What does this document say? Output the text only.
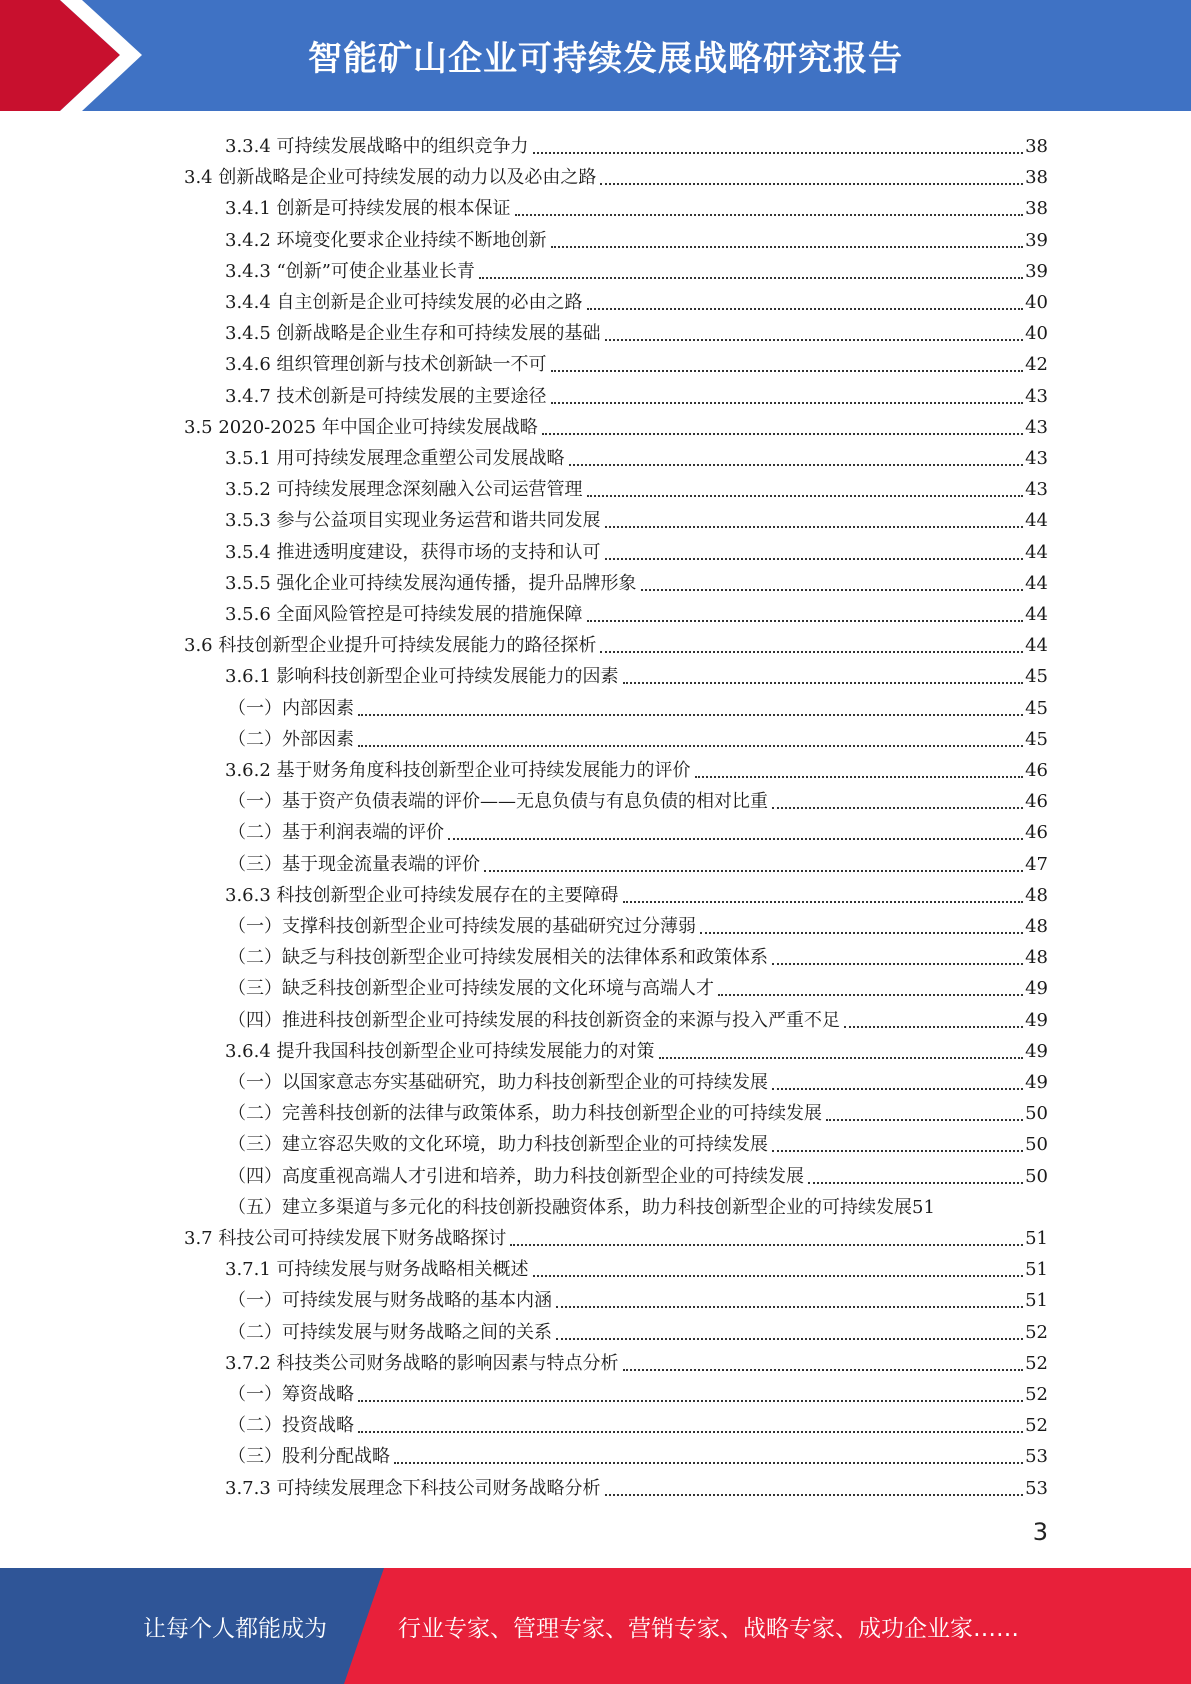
智能矿山企业可持续发展战略研究报告
3.3.4 可持续发展战略中的组织竞争力	38
3.4 创新战略是企业可持续发展的动力以及必由之路	38
3.4.1 创新是可持续发展的根本保证	38
3.4.2 环境变化要求企业持续不断地创新	39
3.4.3 “创新”可使企业基业长青	39
3.4.4 自主创新是企业可持续发展的必由之路	40
3.4.5 创新战略是企业生存和可持续发展的基础	40
3.4.6 组织管理创新与技术创新缺一不可	42
3.4.7 技术创新是可持续发展的主要途径	43
3.5 2020-2025 年中国企业可持续发展战略	43
3.5.1 用可持续发展理念重塑公司发展战略	43
3.5.2 可持续发展理念深刻融入公司运营管理	43
3.5.3 参与公益项目实现业务运营和谐共同发展	44
3.5.4 推进透明度建设，获得市场的支持和认可	44
3.5.5 强化企业可持续发展沟通传播，提升品牌形象	44
3.5.6 全面风险管控是可持续发展的措施保障	44
3.6 科技创新型企业提升可持续发展能力的路径探析	44
3.6.1 影响科技创新型企业可持续发展能力的因素	45
（一）内部因素	45
（二）外部因素	45
3.6.2 基于财务角度科技创新型企业可持续发展能力的评价	46
（一）基于资产负债表端的评价——无息负债与有息负债的相对比重	46
（二）基于利润表端的评价	46
（三）基于现金流量表端的评价	47
3.6.3 科技创新型企业可持续发展存在的主要障碍	48
（一）支撑科技创新型企业可持续发展的基础研究过分薄弱	48
（二）缺乏与科技创新型企业可持续发展相关的法律体系和政策体系	48
（三）缺乏科技创新型企业可持续发展的文化环境与高端人才	49
（四）推进科技创新型企业可持续发展的科技创新资金的来源与投入严重不足	49
3.6.4 提升我国科技创新型企业可持续发展能力的对策	49
（一）以国家意志夯实基础研究，助力科技创新型企业的可持续发展	49
（二）完善科技创新的法律与政策体系，助力科技创新型企业的可持续发展	50
（三）建立容忍失败的文化环境，助力科技创新型企业的可持续发展	50
（四）高度重视高端人才引进和培养，助力科技创新型企业的可持续发展	50
（五）建立多渠道与多元化的科技创新投融资体系，助力科技创新型企业的可持续发展 51
3.7 科技公司可持续发展下财务战略探讨	51
3.7.1 可持续发展与财务战略相关概述	51
（一）可持续发展与财务战略的基本内涵	51
（二）可持续发展与财务战略之间的关系	52
3.7.2 科技类公司财务战略的影响因素与特点分析	52
（一）筹资战略	52
（二）投资战略	52
（三）股利分配战略	53
3.7.3 可持续发展理念下科技公司财务战略分析	53
3
让每个人都能成为	行业专家、管理专家、营销专家、战略专家、成功企业家……
